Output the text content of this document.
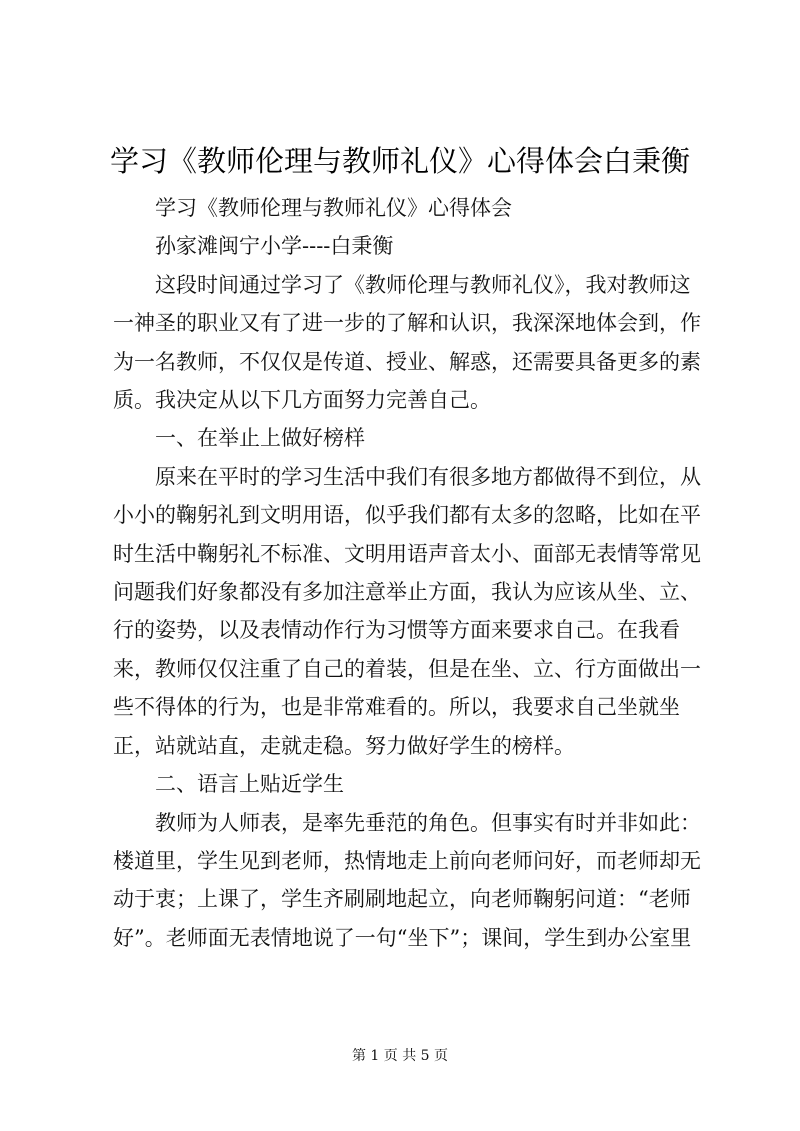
学习《教师伦理与教师礼仪》心得体会白秉衡

学习《教师伦理与教师礼仪》心得体会

孙家滩闽宁小学----白秉衡

这段时间通过学习了《教师伦理与教师礼仪》，我对教师这一神圣的职业又有了进一步的了解和认识，我深深地体会到，作为一名教师，不仅仅是传道、授业、解惑，还需要具备更多的素质。我决定从以下几方面努力完善自己。

一、在举止上做好榜样

原来在平时的学习生活中我们有很多地方都做得不到位，从小小的鞠躬礼到文明用语，似乎我们都有太多的忽略，比如在平时生活中鞠躬礼不标准、文明用语声音太小、面部无表情等常见问题我们好象都没有多加注意举止方面，我认为应该从坐、立、行的姿势，以及表情动作行为习惯等方面来要求自己。在我看来，教师仅仅注重了自己的着装，但是在坐、立、行方面做出一些不得体的行为，也是非常难看的。所以，我要求自己坐就坐正，站就站直，走就走稳。努力做好学生的榜样。

二、语言上贴近学生

教师为人师表，是率先垂范的角色。但事实有时并非如此：楼道里，学生见到老师，热情地走上前向老师问好，而老师却无动于衷；上课了，学生齐刷刷地起立，向老师鞠躬问道：“老师好”。老师面无表情地说了一句“坐下”；课间，学生到办公室里

第 1 页 共 5 页
